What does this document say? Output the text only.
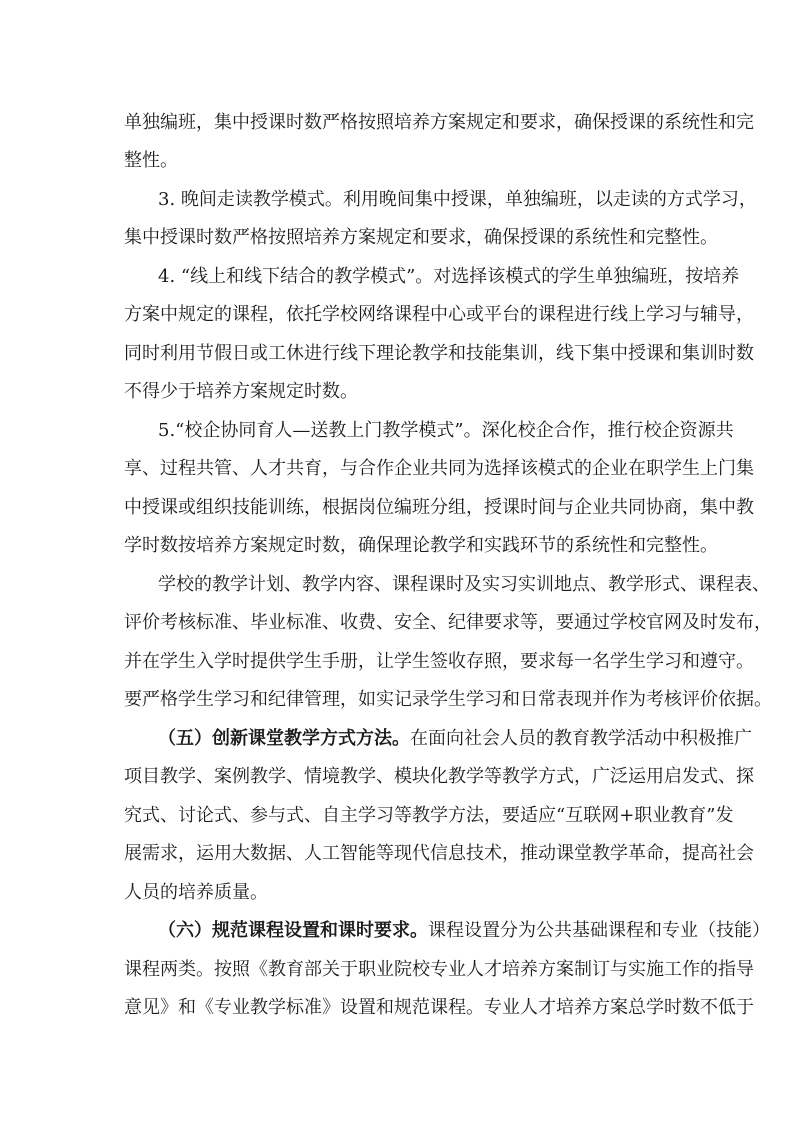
单独编班，集中授课时数严格按照培养方案规定和要求，确保授课的系统性和完
整性。
3. 晚间走读教学模式。利用晚间集中授课，单独编班，以走读的方式学习，
集中授课时数严格按照培养方案规定和要求，确保授课的系统性和完整性。
4. “线上和线下结合的教学模式”。对选择该模式的学生单独编班，按培养
方案中规定的课程，依托学校网络课程中心或平台的课程进行线上学习与辅导，
同时利用节假日或工休进行线下理论教学和技能集训，线下集中授课和集训时数
不得少于培养方案规定时数。
5.“校企协同育人—送教上门教学模式”。深化校企合作，推行校企资源共
享、过程共管、人才共育，与合作企业共同为选择该模式的企业在职学生上门集
中授课或组织技能训练，根据岗位编班分组，授课时间与企业共同协商，集中教
学时数按培养方案规定时数，确保理论教学和实践环节的系统性和完整性。
学校的教学计划、教学内容、课程课时及实习实训地点、教学形式、课程表、
评价考核标准、毕业标准、收费、安全、纪律要求等，要通过学校官网及时发布，
并在学生入学时提供学生手册，让学生签收存照，要求每一名学生学习和遵守。
要严格学生学习和纪律管理，如实记录学生学习和日常表现并作为考核评价依据。
（五）创新课堂教学方式方法。在面向社会人员的教育教学活动中积极推广
项目教学、案例教学、情境教学、模块化教学等教学方式，广泛运用启发式、探
究式、讨论式、参与式、自主学习等教学方法，要适应“互联网+职业教育”发
展需求，运用大数据、人工智能等现代信息技术，推动课堂教学革命，提高社会
人员的培养质量。
（六）规范课程设置和课时要求。课程设置分为公共基础课程和专业（技能）
课程两类。按照《教育部关于职业院校专业人才培养方案制订与实施工作的指导
意见》和《专业教学标准》设置和规范课程。专业人才培养方案总学时数不低于
